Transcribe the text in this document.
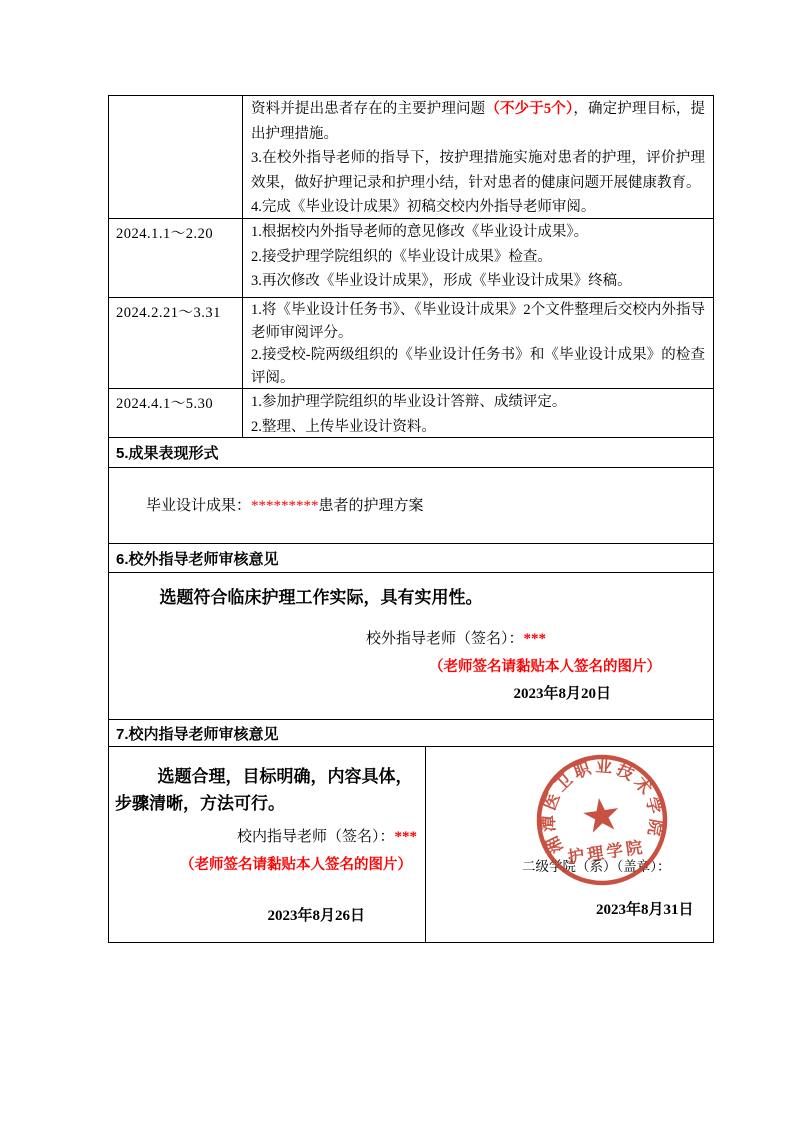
资料并提出患者存在的主要护理问题（不少于5个），确定护理目标，提出护理措施。

3.在校外指导老师的指导下，按护理措施实施对患者的护理，评价护理效果，做好护理记录和护理小结，针对患者的健康问题开展健康教育。

4.完成《毕业设计成果》初稿交校内外指导老师审阅。

2024.1.1～2.20	1.根据校内外指导老师的意见修改《毕业设计成果》。

2.接受护理学院组织的《毕业设计成果》检查。

3.再次修改《毕业设计成果》，形成《毕业设计成果》终稿。

2024.2.21～3.31	1.将《毕业设计任务书》、《毕业设计成果》2个文件整理后交校内外指导老师审阅评分。

2.接受校-院两级组织的《毕业设计任务书》和《毕业设计成果》的检查评阅。

2024.4.1～5.30	1.参加护理学院组织的毕业设计答辩、成绩评定。

2.整理、上传毕业设计资料。

5.成果表现形式
毕业设计成果：*********患者的护理方案
6.校外指导老师审核意见

选题符合临床护理工作实际，具有实用性。

校外指导老师（签名）：***
（老师签名请黏贴本人签名的图片）
2023年8月20日
7.校内指导老师审核意见

选题合理，目标明确，内容具体，步骤清晰，方法可行。

校内指导老师（签名）：***
（老师签名请黏贴本人签名的图片）
2023年8月26日
二级学院（系）（盖章）：
2023年8月31日
湘潭医卫职业技术学院
★
护理学院
